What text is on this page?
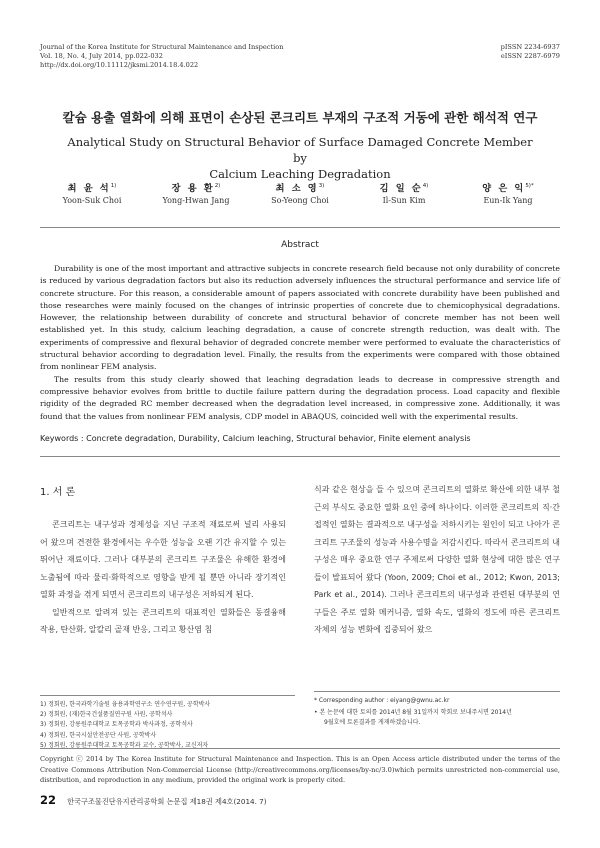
Journal of the Korea Institute for Structural Maintenance and Inspection
Vol. 18, No. 4, July 2014, pp.022-032
http://dx.doi.org/10.11112/jksmi.2014.18.4.022
pISSN 2234-6937
eISSN 2287-6979
칼슘 용출 열화에 의해 표면이 손상된 콘크리트 부재의 구조적 거동에 관한 해석적 연구
Analytical Study on Structural Behavior of Surface Damaged Concrete Member by
Calcium Leaching Degradation
최 윤 석$^{1)}$
Yoon-Suk Choi
장 용 환$^{2)}$
Yong-Hwan Jang
최 소 영$^{3)}$
So-Yeong Choi
김 일 순$^{4)}$
Il-Sun Kim
양 은 익$^{5)*}$
Eun-Ik Yang
Abstract

Durability is one of the most important and attractive subjects in concrete research field because not only durability of concrete is reduced by various degradation factors but also its reduction adversely influences the structural performance and service life of concrete structure. For this reason, a considerable amount of papers associated with concrete durability have been published and those researches were mainly focused on the changes of intrinsic properties of concrete due to chemicophysical degradations. However, the relationship between durability of concrete and structural behavior of concrete member has not been well established yet. In this study, calcium leaching degradation, a cause of concrete strength reduction, was dealt with. The experiments of compressive and flexural behavior of degraded concrete member were performed to evaluate the characteristics of structural behavior according to degradation level. Finally, the results from the experiments were compared with those obtained from nonlinear FEM analysis.

The results from this study clearly showed that leaching degradation leads to decrease in compressive strength and compressive behavior evolves from brittle to ductile failure pattern during the degradation process. Load capacity and flexible rigidity of the degraded RC member decreased when the degradation level increased, in compressive zone. Additionally, it was found that the values from nonlinear FEM analysis, CDP model in ABAQUS, coincided well with the experimental results.

Keywords : Concrete degradation, Durability, Calcium leaching, Structural behavior, Finite element analysis

1. 서 론

콘크리트는 내구성과 경제성을 지닌 구조적 재료로써 널리 사용되어 왔으며 견전한 환경에서는 우수한 성능을 오랜 기간 유지할 수 있는 뛰어난 재료이다. 그러나 대부분의 콘크리트 구조물은 유해한 환경에 노출됨에 따라 물리·화학적으로 영향을 받게 될 뿐만 아니라 장기적인 열화 과정을 겪게 되면서 콘크리트의 내구성은 저하되게 된다.

일반적으로 알려져 있는 콘크리트의 대표적인 열화들은 동결융해 작용, 탄산화, 알칼리 골재 반응, 그리고 황산염 침

식과 같은 현상을 들 수 있으며 콘크리트의 열화로 확산에 의한 내부 철근의 부식도 중요한 열화 요인 중에 하나이다. 이러한 콘크리트의 직·간접적인 열화는 결과적으로 내구성을 저하시키는 원인이 되고 나아가 콘크리트 구조물의 성능과 사용수명을 저감시킨다. 따라서 콘크리트의 내구성은 매우 중요한 연구 주제로써 다양한 열화 현상에 대한 많은 연구들이 발표되어 왔다 (Yoon, 2009; Choi et al., 2012; Kwon, 2013; Park et al., 2014). 그러나 콘크리트의 내구성과 관련된 대부분의 연구들은 주로 열화 메커니즘, 열화 속도, 열화의 정도에 따른 콘크리트 자체의 성능 변화에 집중되어 왔으

1) 정회원, 한국과학기술원 융용과학연구소 연수연구원, 공학박사
2) 정회원, (재)한국건설품질연구원 사원, 공학석사
3) 정회원, 강릉원주대학교 토목공학과 박사과정, 공학석사
4) 정회원, 한국시설안전공단 사원, 공학박사
5) 정회원, 강릉원주대학교 토목공학과 교수, 공학박사, 교신저자
* Corresponding author : eiyang@gwnu.ac.kr
• 본 논문에 대한 토의를 2014년 8월 31일까지 학회로 보내주시면 2014년
9월호에 토론결과를 게재하겠습니다.
Copyright ⓒ 2014 by The Korea Institute for Structural Maintenance and Inspection. This is an Open Access article distributed under the terms of the Creative Commons Attribution Non-Commercial License (http://creativecommons.org/licenses/by-nc/3.0)which permits unrestricted non-commercial use, distribution, and reproduction in any medium, provided the original work is properly cited.
22 한국구조물진단유지관리공학회 논문집 제18권 제4호(2014. 7)
